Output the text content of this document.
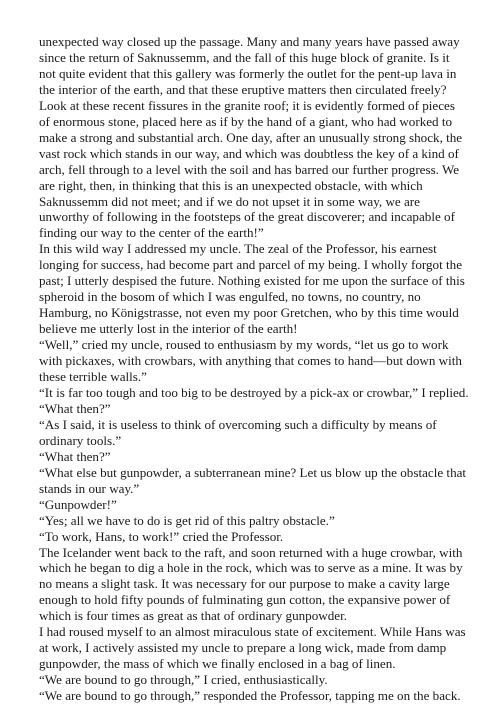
unexpected way closed up the passage. Many and many years have passed away since the return of Saknussemm, and the fall of this huge block of granite. Is it not quite evident that this gallery was formerly the outlet for the pent-up lava in the interior of the earth, and that these eruptive matters then circulated freely? Look at these recent fissures in the granite roof; it is evidently formed of pieces of enormous stone, placed here as if by the hand of a giant, who had worked to make a strong and substantial arch. One day, after an unusually strong shock, the vast rock which stands in our way, and which was doubtless the key of a kind of arch, fell through to a level with the soil and has barred our further progress. We are right, then, in thinking that this is an unexpected obstacle, with which Saknussemm did not meet; and if we do not upset it in some way, we are unworthy of following in the footsteps of the great discoverer; and incapable of finding our way to the center of the earth!”

In this wild way I addressed my uncle. The zeal of the Professor, his earnest longing for success, had become part and parcel of my being. I wholly forgot the past; I utterly despised the future. Nothing existed for me upon the surface of this spheroid in the bosom of which I was engulfed, no towns, no country, no Hamburg, no Königstrasse, not even my poor Gretchen, who by this time would believe me utterly lost in the interior of the earth!

“Well,” cried my uncle, roused to enthusiasm by my words, “let us go to work with pickaxes, with crowbars, with anything that comes to hand—but down with these terrible walls.”

“It is far too tough and too big to be destroyed by a pick-ax or crowbar,” I replied.

“What then?”

“As I said, it is useless to think of overcoming such a difficulty by means of ordinary tools.”

“What then?”

“What else but gunpowder, a subterranean mine? Let us blow up the obstacle that stands in our way.”

“Gunpowder!”

“Yes; all we have to do is get rid of this paltry obstacle.”

“To work, Hans, to work!” cried the Professor.

The Icelander went back to the raft, and soon returned with a huge crowbar, with which he began to dig a hole in the rock, which was to serve as a mine. It was by no means a slight task. It was necessary for our purpose to make a cavity large enough to hold fifty pounds of fulminating gun cotton, the expansive power of which is four times as great as that of ordinary gunpowder.

I had roused myself to an almost miraculous state of excitement. While Hans was at work, I actively assisted my uncle to prepare a long wick, made from damp gunpowder, the mass of which we finally enclosed in a bag of linen.

“We are bound to go through,” I cried, enthusiastically.

“We are bound to go through,” responded the Professor, tapping me on the back.
